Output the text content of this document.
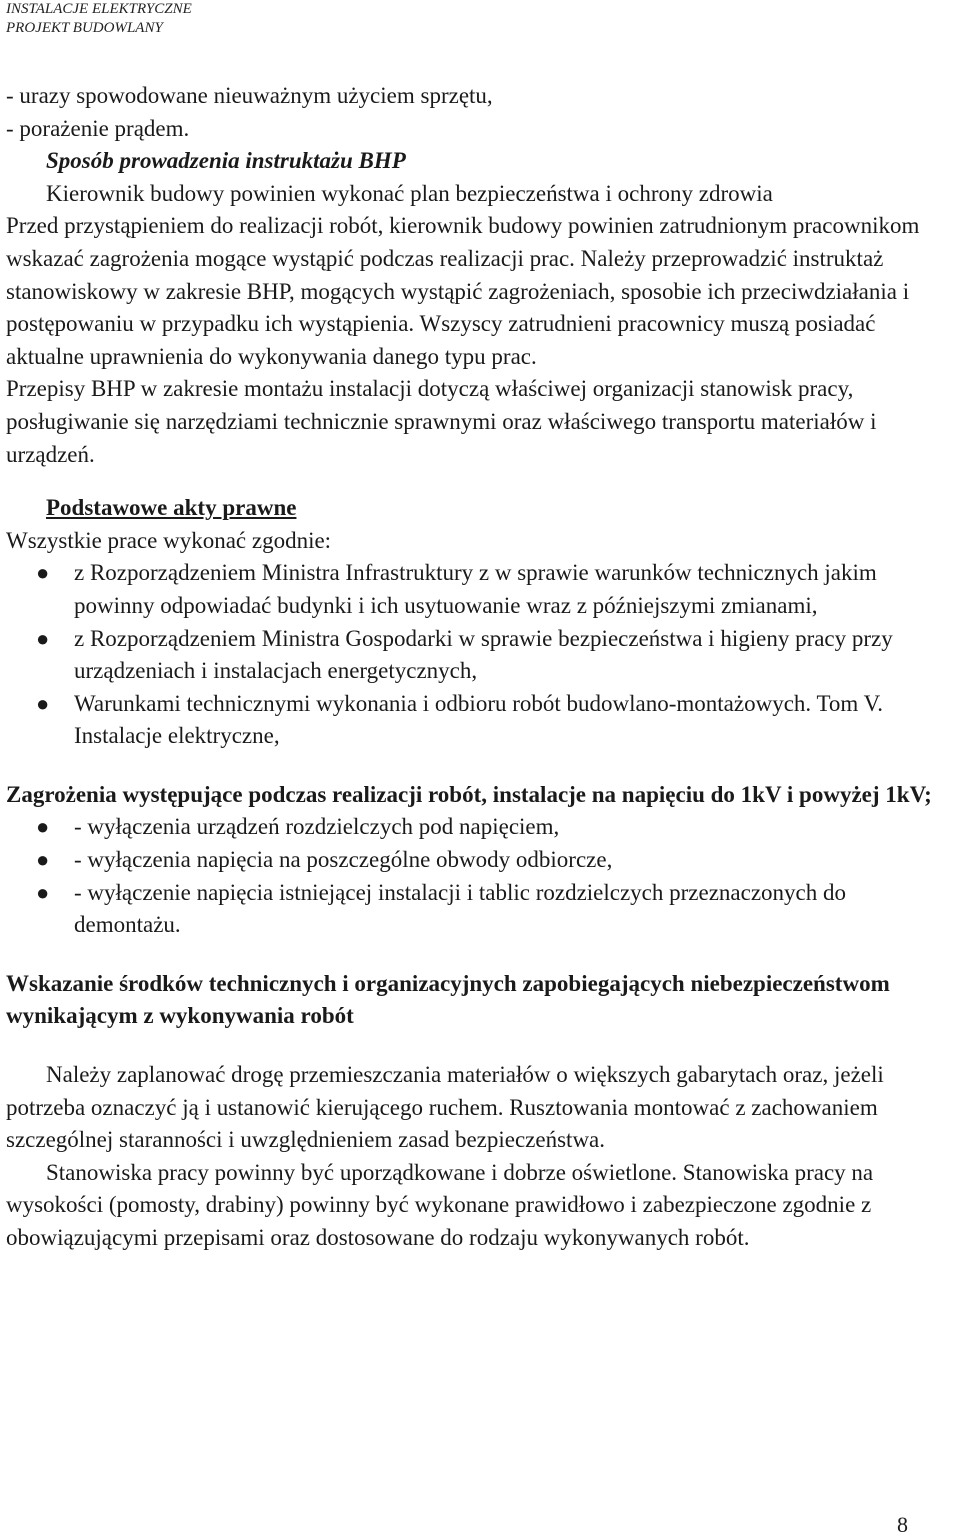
INSTALACJE ELEKTRYCZNE
PROJEKT BUDOWLANY

- urazy spowodowane nieuważnym użyciem sprzętu,

- porażenie prądem.

Sposób prowadzenia instruktażu BHP

Kierownik budowy powinien wykonać plan bezpieczeństwa i ochrony zdrowia

Przed przystąpieniem do realizacji robót, kierownik budowy powinien zatrudnionym pracownikom wskazać zagrożenia mogące wystąpić podczas realizacji prac. Należy przeprowadzić instruktaż stanowiskowy w zakresie BHP, mogących wystąpić zagrożeniach, sposobie ich przeciwdziałania i postępowaniu w przypadku ich wystąpienia. Wszyscy zatrudnieni pracownicy muszą posiadać aktualne uprawnienia do wykonywania danego typu prac.

Przepisy BHP w zakresie montażu instalacji dotyczą właściwej organizacji stanowisk pracy, posługiwanie się narzędziami technicznie sprawnymi oraz właściwego transportu materiałów i urządzeń.

Podstawowe akty prawne

Wszystkie prace wykonać zgodnie:

● z Rozporządzeniem Ministra Infrastruktury z w sprawie warunków technicznych jakim powinny odpowiadać budynki i ich usytuowanie wraz z późniejszymi zmianami,
● z Rozporządzeniem Ministra Gospodarki w sprawie bezpieczeństwa i higieny pracy przy urządzeniach i instalacjach energetycznych,
● Warunkami technicznymi wykonania i odbioru robót budowlano-montażowych. Tom V. Instalacje elektryczne,

Zagrożenia występujące podczas realizacji robót, instalacje na napięciu do 1kV i powyżej 1kV;

● - wyłączenia urządzeń rozdzielczych pod napięciem,
● - wyłączenia napięcia na poszczególne obwody odbiorcze,
● - wyłączenie napięcia istniejącej instalacji i tablic rozdzielczych przeznaczonych do demontażu.

Wskazanie środków technicznych i organizacyjnych zapobiegających niebezpieczeństwom wynikającym z wykonywania robót

Należy zaplanować drogę przemieszczania materiałów o większych gabarytach oraz, jeżeli potrzeba oznaczyć ją i ustanowić kierującego ruchem. Rusztowania montować z zachowaniem szczególnej staranności i uwzględnieniem zasad bezpieczeństwa.

Stanowiska pracy powinny być uporządkowane i dobrze oświetlone. Stanowiska pracy na wysokości (pomosty, drabiny) powinny być wykonane prawidłowo i zabezpieczone zgodnie z obowiązującymi przepisami oraz dostosowane do rodzaju wykonywanych robót.

8
